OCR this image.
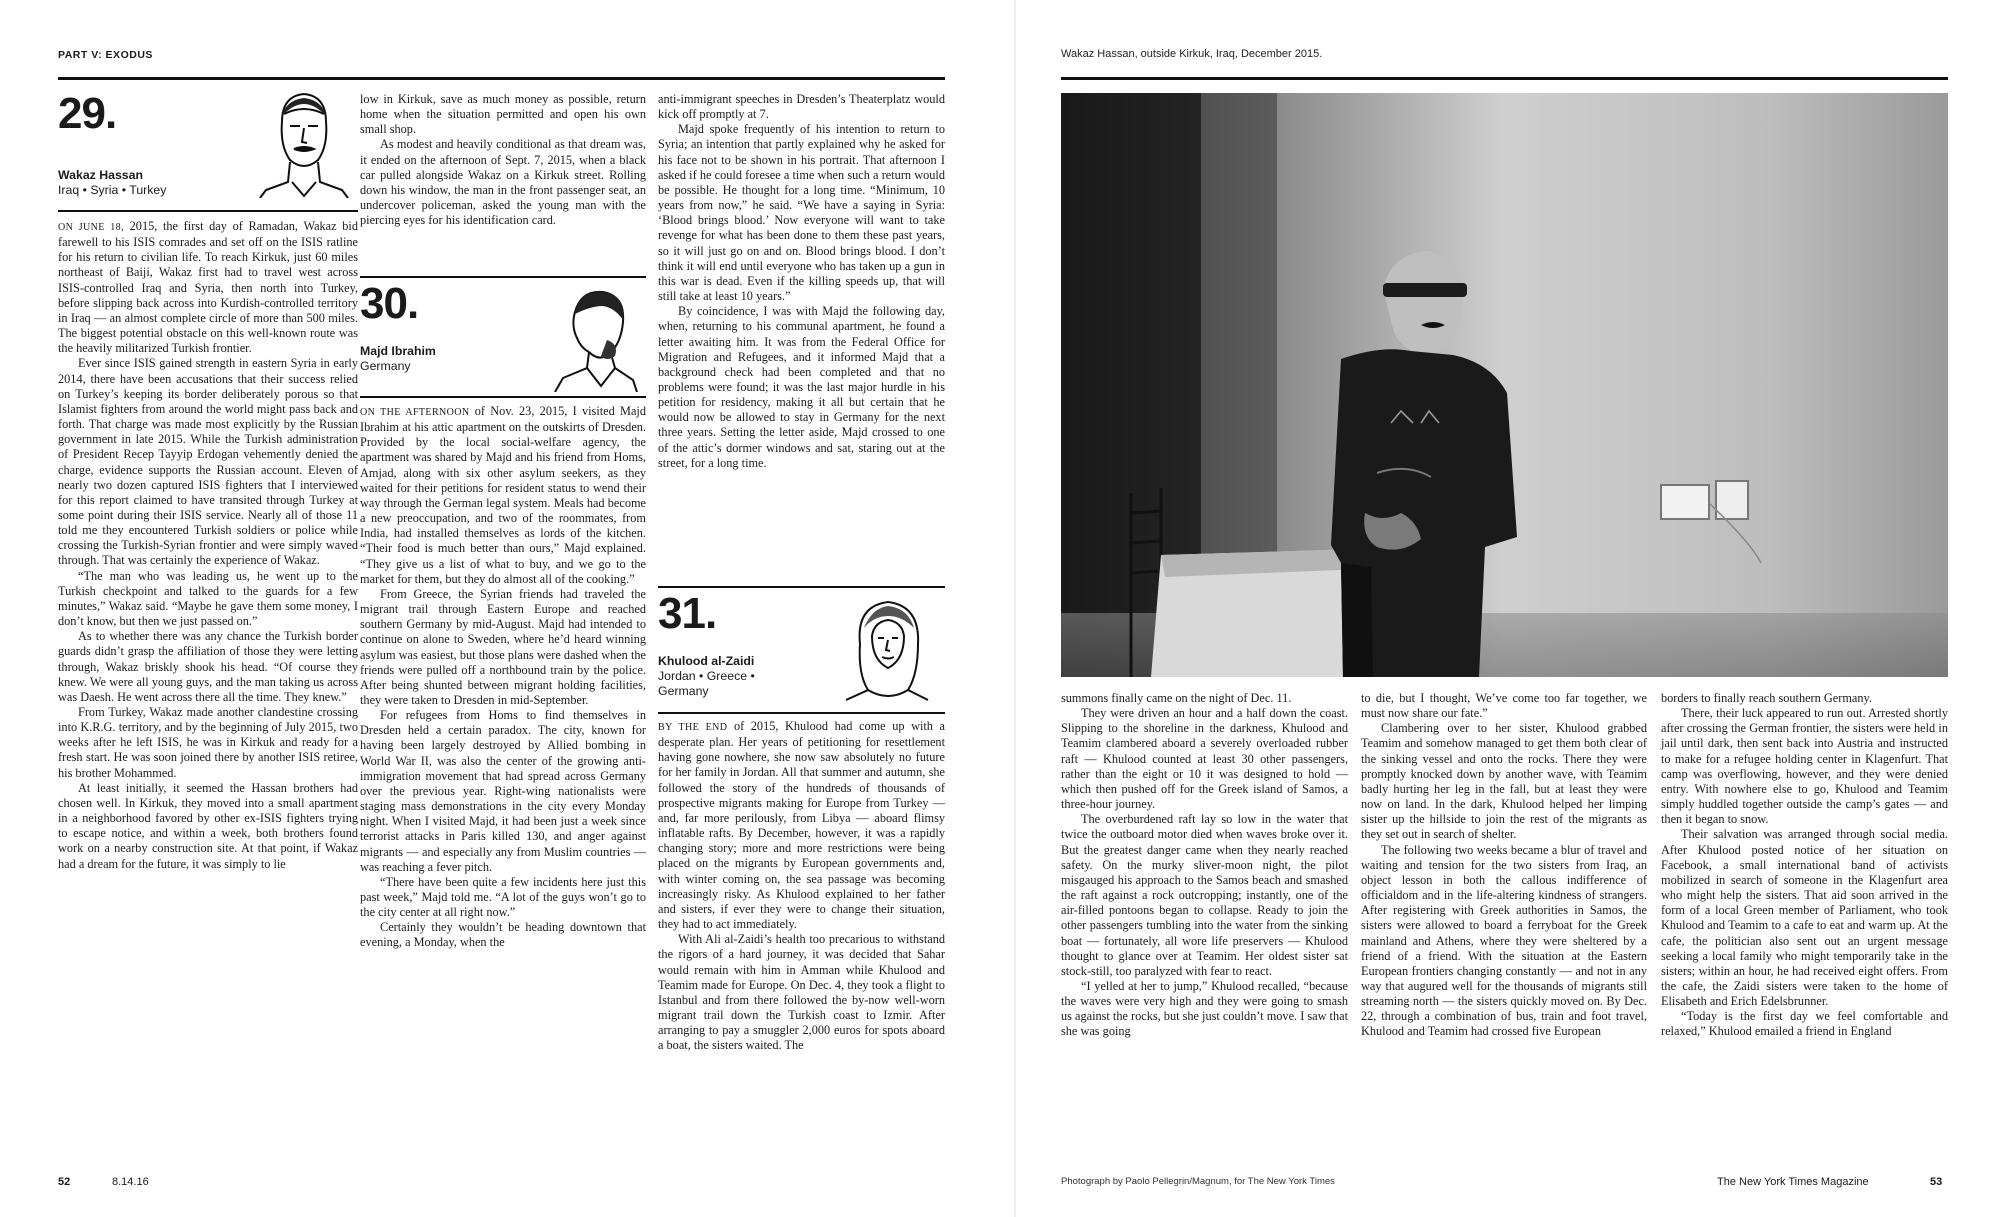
PART V: EXODUS
29.
Wakaz Hassan
Iraq • Syria • Turkey

ON JUNE 18, 2015, the first day of Ramadan, Wakaz bid farewell to his ISIS comrades and set off on the ISIS ratline for his return to civilian life. To reach Kirkuk, just 60 miles northeast of Baiji, Wakaz first had to travel west across ISIS-controlled Iraq and Syria, then north into Turkey, before slipping back across into Kurdish-controlled territory in Iraq — an almost complete circle of more than 500 miles. The biggest potential obstacle on this well-known route was the heavily militarized Turkish frontier.

Ever since ISIS gained strength in eastern Syria in early 2014, there have been accusations that their success relied on Turkey’s keeping its border deliberately porous so that Islamist fighters from around the world might pass back and forth. That charge was made most explicitly by the Russian government in late 2015. While the Turkish administration of President Recep Tayyip Erdogan vehemently denied the charge, evidence supports the Russian account. Eleven of nearly two dozen captured ISIS fighters that I interviewed for this report claimed to have transited through Turkey at some point during their ISIS service. Nearly all of those 11 told me they encountered Turkish soldiers or police while crossing the Turkish-Syrian frontier and were simply waved through. That was certainly the experience of Wakaz.

“The man who was leading us, he went up to the Turkish checkpoint and talked to the guards for a few minutes,” Wakaz said. “Maybe he gave them some money, I don’t know, but then we just passed on.”

As to whether there was any chance the Turkish border guards didn’t grasp the affiliation of those they were letting through, Wakaz briskly shook his head. “Of course they knew. We were all young guys, and the man taking us across was Daesh. He went across there all the time. They knew.”

From Turkey, Wakaz made another clandestine crossing into K.R.G. territory, and by the beginning of July 2015, two weeks after he left ISIS, he was in Kirkuk and ready for a fresh start. He was soon joined there by another ISIS retiree, his brother Mohammed.

At least initially, it seemed the Hassan brothers had chosen well. In Kirkuk, they moved into a small apartment in a neighborhood favored by other ex-ISIS fighters trying to escape notice, and within a week, both brothers found work on a nearby construction site. At that point, if Wakaz had a dream for the future, it was simply to lie

low in Kirkuk, save as much money as possible, return home when the situation permitted and open his own small shop.

As modest and heavily conditional as that dream was, it ended on the afternoon of Sept. 7, 2015, when a black car pulled alongside Wakaz on a Kirkuk street. Rolling down his window, the man in the front passenger seat, an undercover policeman, asked the young man with the piercing eyes for his identification card.

30.
Majd Ibrahim
Germany

ON THE AFTERNOON of Nov. 23, 2015, I visited Majd Ibrahim at his attic apartment on the outskirts of Dresden. Provided by the local social-welfare agency, the apartment was shared by Majd and his friend from Homs, Amjad, along with six other asylum seekers, as they waited for their petitions for resident status to wend their way through the German legal system. Meals had become a new preoccupation, and two of the roommates, from India, had installed themselves as lords of the kitchen. “Their food is much better than ours,” Majd explained. “They give us a list of what to buy, and we go to the market for them, but they do almost all of the cooking.”

From Greece, the Syrian friends had traveled the migrant trail through Eastern Europe and reached southern Germany by mid-August. Majd had intended to continue on alone to Sweden, where he’d heard winning asylum was easiest, but those plans were dashed when the friends were pulled off a northbound train by the police. After being shunted between migrant holding facilities, they were taken to Dresden in mid-September.

For refugees from Homs to find themselves in Dresden held a certain paradox. The city, known for having been largely destroyed by Allied bombing in World War II, was also the center of the growing anti-immigration movement that had spread across Germany over the previous year. Right-wing nationalists were staging mass demonstrations in the city every Monday night. When I visited Majd, it had been just a week since terrorist attacks in Paris killed 130, and anger against migrants — and especially any from Muslim countries — was reaching a fever pitch.

“There have been quite a few incidents here just this past week,” Majd told me. “A lot of the guys won’t go to the city center at all right now.”

Certainly they wouldn’t be heading downtown that evening, a Monday, when the

anti-immigrant speeches in Dresden’s Theaterplatz would kick off promptly at 7.

Majd spoke frequently of his intention to return to Syria; an intention that partly explained why he asked for his face not to be shown in his portrait. That afternoon I asked if he could foresee a time when such a return would be possible. He thought for a long time. “Minimum, 10 years from now,” he said. “We have a saying in Syria: ‘Blood brings blood.’ Now everyone will want to take revenge for what has been done to them these past years, so it will just go on and on. Blood brings blood. I don’t think it will end until everyone who has taken up a gun in this war is dead. Even if the killing speeds up, that will still take at least 10 years.”

By coincidence, I was with Majd the following day, when, returning to his communal apartment, he found a letter awaiting him. It was from the Federal Office for Migration and Refugees, and it informed Majd that a background check had been completed and that no problems were found; it was the last major hurdle in his petition for residency, making it all but certain that he would now be allowed to stay in Germany for the next three years. Setting the letter aside, Majd crossed to one of the attic’s dormer windows and sat, staring out at the street, for a long time.

31.
Khulood al-Zaidi
Jordan • Greece •
Germany

BY THE END of 2015, Khulood had come up with a desperate plan. Her years of petitioning for resettlement having gone nowhere, she now saw absolutely no future for her family in Jordan. All that summer and autumn, she followed the story of the hundreds of thousands of prospective migrants making for Europe from Turkey — and, far more perilously, from Libya — aboard flimsy inflatable rafts. By December, however, it was a rapidly changing story; more and more restrictions were being placed on the migrants by European governments and, with winter coming on, the sea passage was becoming increasingly risky. As Khulood explained to her father and sisters, if ever they were to change their situation, they had to act immediately.

With Ali al-Zaidi’s health too precarious to withstand the rigors of a hard journey, it was decided that Sahar would remain with him in Amman while Khulood and Teamim made for Europe. On Dec. 4, they took a flight to Istanbul and from there followed the by-now well-worn migrant trail down the Turkish coast to Izmir. After arranging to pay a smuggler 2,000 euros for spots aboard a boat, the sisters waited. The

52	8.14.16
Wakaz Hassan, outside Kirkuk, Iraq, December 2015.

summons finally came on the night of Dec. 11.

They were driven an hour and a half down the coast. Slipping to the shoreline in the darkness, Khulood and Teamim clambered aboard a severely overloaded rubber raft — Khulood counted at least 30 other passengers, rather than the eight or 10 it was designed to hold — which then pushed off for the Greek island of Samos, a three-hour journey.

The overburdened raft lay so low in the water that twice the outboard motor died when waves broke over it. But the greatest danger came when they nearly reached safety. On the murky sliver-moon night, the pilot misgauged his approach to the Samos beach and smashed the raft against a rock outcropping; instantly, one of the air-filled pontoons began to collapse. Ready to join the other passengers tumbling into the water from the sinking boat — fortunately, all wore life preservers — Khulood thought to glance over at Teamim. Her oldest sister sat stock-still, too paralyzed with fear to react.

“I yelled at her to jump,” Khulood recalled, “because the waves were very high and they were going to smash us against the rocks, but she just couldn’t move. I saw that she was going

to die, but I thought, We’ve come too far together, we must now share our fate.”

Clambering over to her sister, Khulood grabbed Teamim and somehow managed to get them both clear of the sinking vessel and onto the rocks. There they were promptly knocked down by another wave, with Teamim badly hurting her leg in the fall, but at least they were now on land. In the dark, Khulood helped her limping sister up the hillside to join the rest of the migrants as they set out in search of shelter.

The following two weeks became a blur of travel and waiting and tension for the two sisters from Iraq, an object lesson in both the callous indifference of officialdom and in the life-altering kindness of strangers. After registering with Greek authorities in Samos, the sisters were allowed to board a ferryboat for the Greek mainland and Athens, where they were sheltered by a friend of a friend. With the situation at the Eastern European frontiers changing constantly — and not in any way that augured well for the thousands of migrants still streaming north — the sisters quickly moved on. By Dec. 22, through a combination of bus, train and foot travel, Khulood and Teamim had crossed five European

borders to finally reach southern Germany.

There, their luck appeared to run out. Arrested shortly after crossing the German frontier, the sisters were held in jail until dark, then sent back into Austria and instructed to make for a refugee holding center in Klagenfurt. That camp was overflowing, however, and they were denied entry. With nowhere else to go, Khulood and Teamim simply huddled together outside the camp’s gates — and then it began to snow.

Their salvation was arranged through social media. After Khulood posted notice of her situation on Facebook, a small international band of activists mobilized in search of someone in the Klagenfurt area who might help the sisters. That aid soon arrived in the form of a local Green member of Parliament, who took Khulood and Teamim to a cafe to eat and warm up. At the cafe, the politician also sent out an urgent message seeking a local family who might temporarily take in the sisters; within an hour, he had received eight offers. From the cafe, the Zaidi sisters were taken to the home of Elisabeth and Erich Edelsbrunner.

“Today is the first day we feel comfortable and relaxed,” Khulood emailed a friend in England

Photograph by Paolo Pellegrin/Magnum, for The New York Times	The New York Times Magazine	53
